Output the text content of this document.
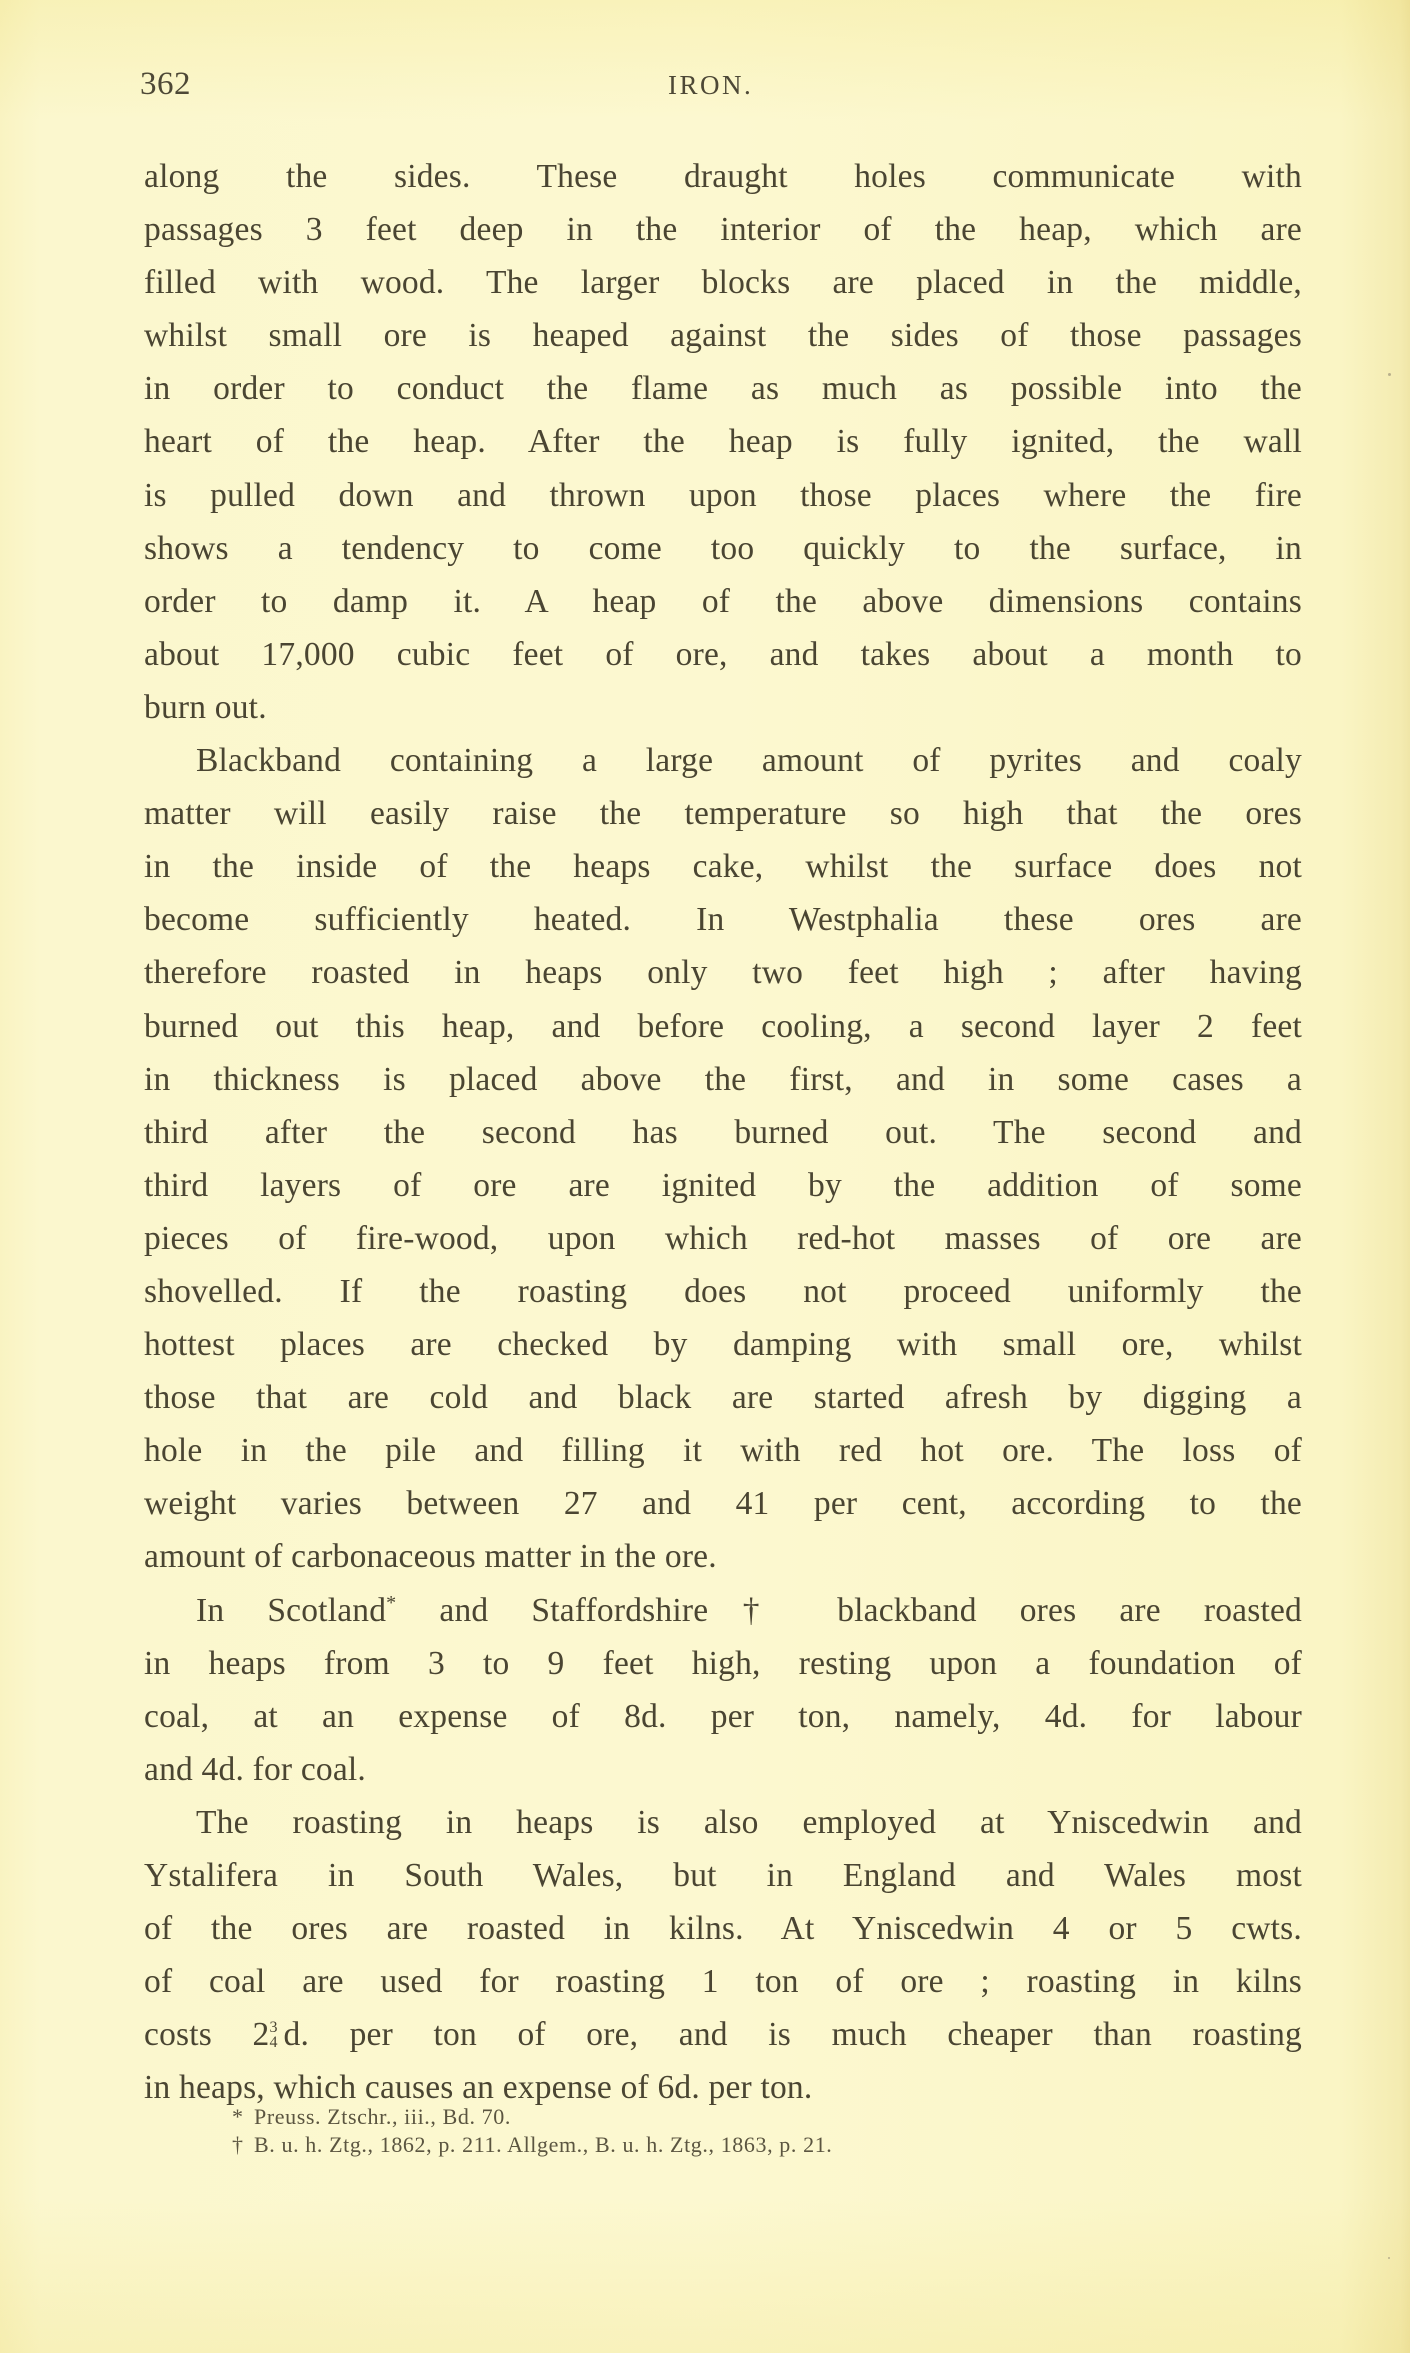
362	IRON.
along the sides. These draught holes communicate with
passages 3 feet deep in the interior of the heap, which are
filled with wood. The larger blocks are placed in the middle,
whilst small ore is heaped against the sides of those passages
in order to conduct the flame as much as possible into the
heart of the heap. After the heap is fully ignited, the wall
is pulled down and thrown upon those places where the fire
shows a tendency to come too quickly to the surface, in
order to damp it. A heap of the above dimensions contains
about 17,000 cubic feet of ore, and takes about a month to
burn out.
Blackband containing a large amount of pyrites and coaly
matter will easily raise the temperature so high that the ores
in the inside of the heaps cake, whilst the surface does not
become sufficiently heated. In Westphalia these ores are
therefore roasted in heaps only two feet high ; after having
burned out this heap, and before cooling, a second layer 2 feet
in thickness is placed above the first, and in some cases a
third after the second has burned out. The second and
third layers of ore are ignited by the addition of some
pieces of fire-wood, upon which red-hot masses of ore are
shovelled. If the roasting does not proceed uniformly the
hottest places are checked by damping with small ore, whilst
those that are cold and black are started afresh by digging a
hole in the pile and filling it with red hot ore. The loss of
weight varies between 27 and 41 per cent, according to the
amount of carbonaceous matter in the ore.
In Scotland* and Staffordshire† blackband ores are roasted
in heaps from 3 to 9 feet high, resting upon a foundation of
coal, at an expense of 8d. per ton, namely, 4d. for labour
and 4d. for coal.
The roasting in heaps is also employed at Yniscedwin and
Ystalifera in South Wales, but in England and Wales most
of the ores are roasted in kilns. At Yniscedwin 4 or 5 cwts.
of coal are used for roasting 1 ton of ore ; roasting in kilns
costs 2 3
4 d. per ton of ore, and is much cheaper than roasting
in heaps, which causes an expense of 6d. per ton.
* Preuss. Ztschr., iii., Bd. 70.
† B. u. h. Ztg., 1862, p. 211. Allgem., B. u. h. Ztg., 1863, p. 21.
